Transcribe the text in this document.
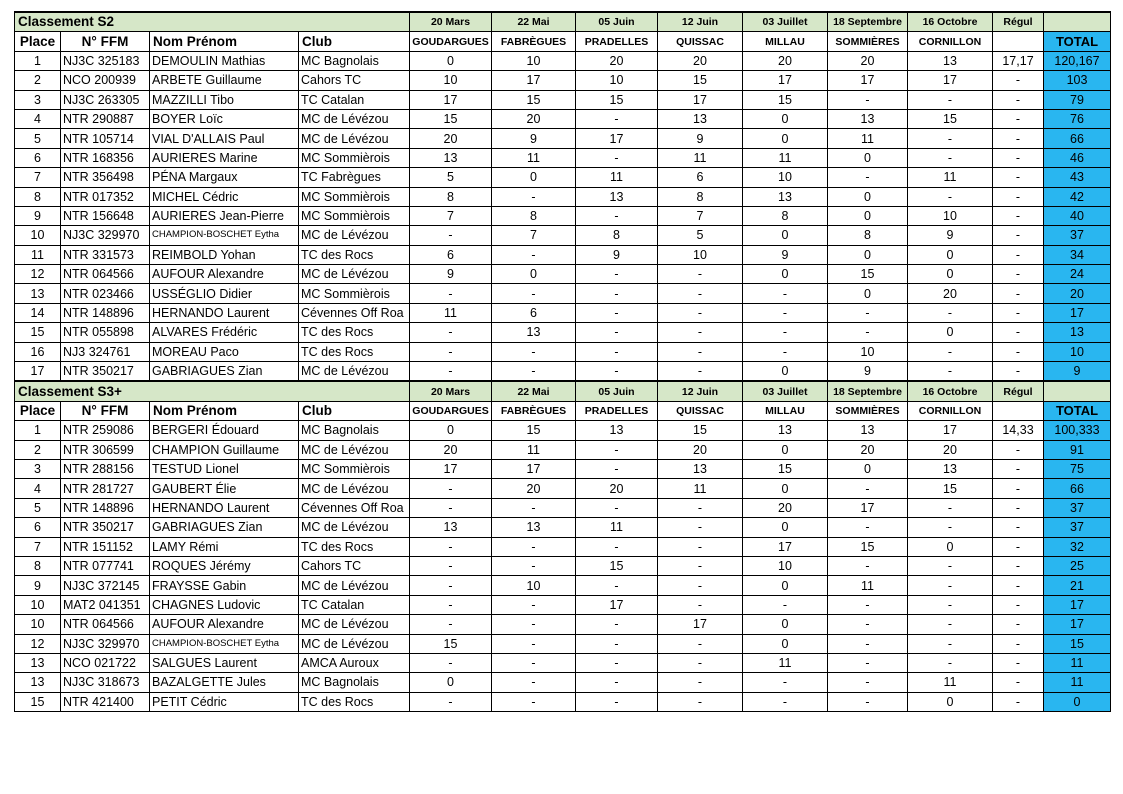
Classement S2				20 Mars	22 Mai	05 Juin	12 Juin	03 Juillet	18 Septembre	16 Octobre	Régul	
Place	N° FFM	Nom Prénom	Club	GOUDARGUES	FABRÈGUES	PRADELLES	QUISSAC	MILLAU	SOMMIÈRES	CORNILLON		TOTAL
1	NJ3C 325183	DEMOULIN Mathias	MC Bagnolais	0	10	20	20	20	20	13	17,17	120,167
2	NCO 200939	ARBETE Guillaume	Cahors TC	10	17	10	15	17	17	17	-	103
3	NJ3C 263305	MAZZILLI Tibo	TC Catalan	17	15	15	17	15	-	-	-	79
4	NTR 290887	BOYER Loïc	MC de Lévézou	15	20	-	13	0	13	15	-	76
5	NTR 105714	VIAL D'ALLAIS Paul	MC de Lévézou	20	9	17	9	0	11	-	-	66
6	NTR 168356	AURIERES Marine	MC Sommièrois	13	11	-	11	11	0	-	-	46
7	NTR 356498	PÉNA Margaux	TC Fabrègues	5	0	11	6	10	-	11	-	43
8	NTR 017352	MICHEL Cédric	MC Sommièrois	8	-	13	8	13	0	-	-	42
9	NTR 156648	AURIERES Jean-Pierre	MC Sommièrois	7	8	-	7	8	0	10	-	40
10	NJ3C 329970	CHAMPION-BOSCHET Eytha	MC de Lévézou	-	7	8	5	0	8	9	-	37
11	NTR 331573	REIMBOLD Yohan	TC des Rocs	6	-	9	10	9	0	0	-	34
12	NTR 064566	AUFOUR Alexandre	MC de Lévézou	9	0	-	-	0	15	0	-	24
13	NTR 023466	USSÉGLIO Didier	MC Sommièrois	-	-	-	-	-	0	20	-	20
14	NTR 148896	HERNANDO Laurent	Cévennes Off Roa	11	6	-	-	-	-	-	-	17
15	NTR 055898	ALVARES Frédéric	TC des Rocs	-	13	-	-	-	-	0	-	13
16	NJ3 324761	MOREAU Paco	TC des Rocs	-	-	-	-	-	10	-	-	10
17	NTR 350217	GABRIAGUES Zian	MC de Lévézou	-	-	-	-	0	9	-	-	9
Classement S3+				20 Mars	22 Mai	05 Juin	12 Juin	03 Juillet	18 Septembre	16 Octobre	Régul	
Place	N° FFM	Nom Prénom	Club	GOUDARGUES	FABRÈGUES	PRADELLES	QUISSAC	MILLAU	SOMMIÈRES	CORNILLON		TOTAL
1	NTR 259086	BERGERI Édouard	MC Bagnolais	0	15	13	15	13	13	17	14,33	100,333
2	NTR 306599	CHAMPION Guillaume	MC de Lévézou	20	11	-	20	0	20	20	-	91
3	NTR 288156	TESTUD Lionel	MC Sommièrois	17	17	-	13	15	0	13	-	75
4	NTR 281727	GAUBERT Élie	MC de Lévézou	-	20	20	11	0	-	15	-	66
5	NTR 148896	HERNANDO Laurent	Cévennes Off Roa	-	-	-	-	20	17	-	-	37
6	NTR 350217	GABRIAGUES Zian	MC de Lévézou	13	13	11	-	0	-	-	-	37
7	NTR 151152	LAMY Rémi	TC des Rocs	-	-	-	-	17	15	0	-	32
8	NTR 077741	ROQUES Jérémy	Cahors TC	-	-	15	-	10	-	-	-	25
9	NJ3C 372145	FRAYSSE Gabin	MC de Lévézou	-	10	-	-	0	11	-	-	21
10	MAT2 041351	CHAGNES Ludovic	TC Catalan	-	-	17	-	-	-	-	-	17
10	NTR 064566	AUFOUR Alexandre	MC de Lévézou	-	-	-	17	0	-	-	-	17
12	NJ3C 329970	CHAMPION-BOSCHET Eytha	MC de Lévézou	15	-	-	-	0	-	-	-	15
13	NCO 021722	SALGUES Laurent	AMCA Auroux	-	-	-	-	11	-	-	-	11
13	NJ3C 318673	BAZALGETTE Jules	MC Bagnolais	0	-	-	-	-	-	11	-	11
15	NTR 421400	PETIT Cédric	TC des Rocs	-	-	-	-	-	-	0	-	0
